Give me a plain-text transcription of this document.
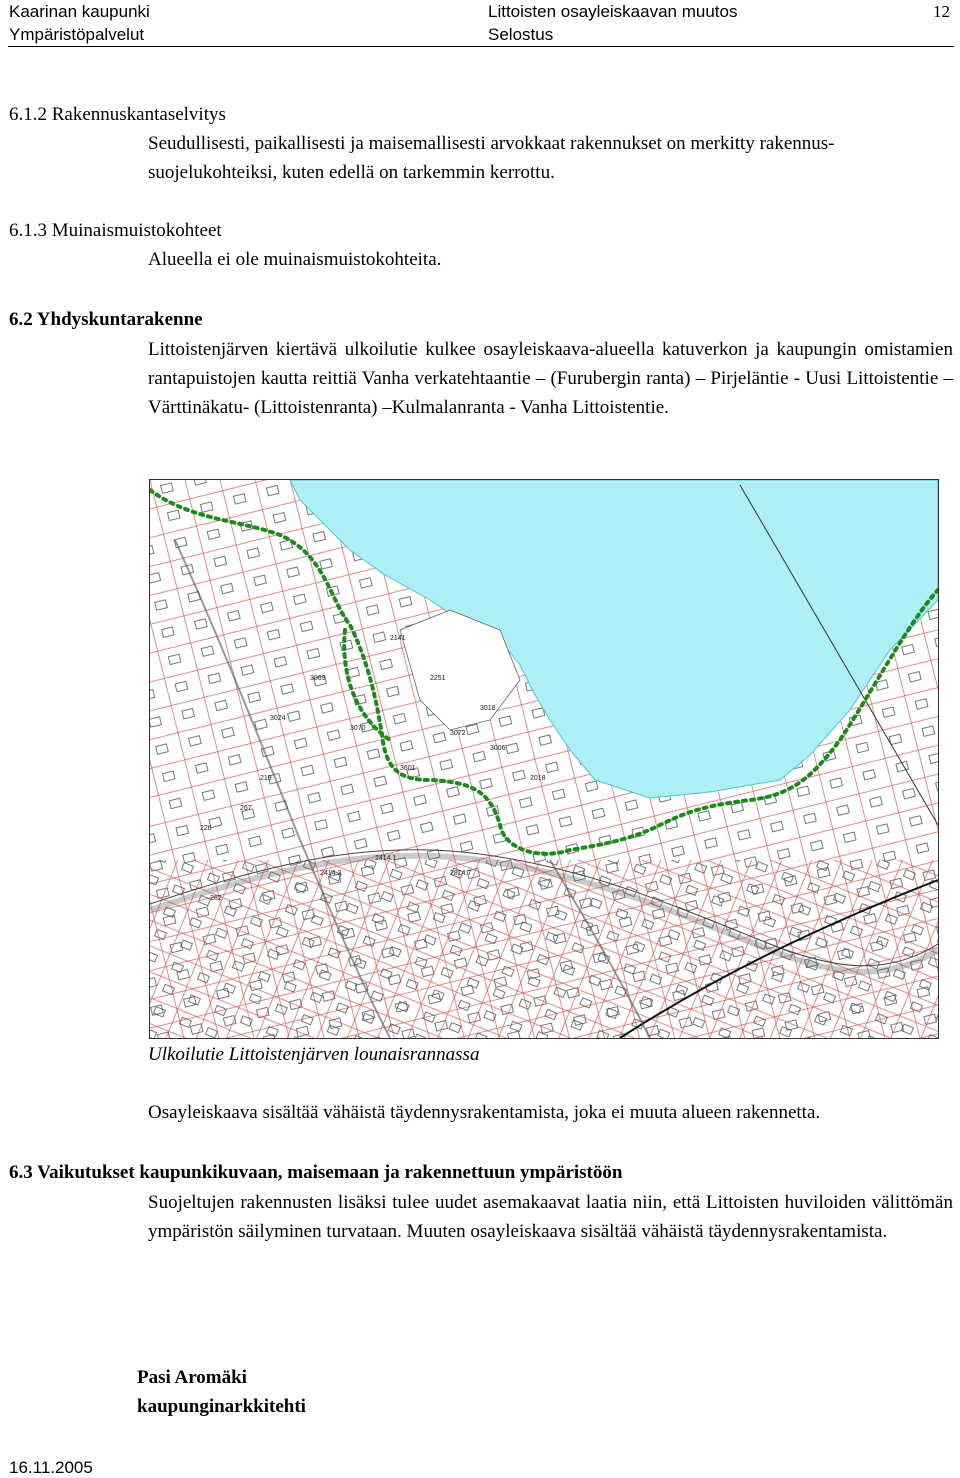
Kaarinan kaupunki
Ympäristöpalvelut
Littoisten osayleiskaavan muutos
Selostus
12
6.1.2 Rakennuskantaselvitys
Seudullisesti, paikallisesti ja maisemallisesti arvokkaat rakennukset on merkitty rakennus-
suojelukohteiksi, kuten edellä on tarkemmin kerrottu.
6.1.3 Muinaismuistokohteet
Alueella ei ole muinaismuistokohteita.
6.2 Yhdyskuntarakenne
Littoistenjärven kiertävä ulkoilutie kulkee osayleiskaava-alueella katuverkon ja kaupungin omistamien rantapuistojen kautta reittiä Vanha verkatehtaantie – (Furubergin ranta) – Pirjeläntie - Uusi Littoistentie – Värttinäkatu- (Littoistenranta) –Kulmalanranta - Vanha Littoistentie.
2141
2251
3072
3018
267
2414.3
2414.1
219
282
3006
3601
3070
3024
2018
3069
226
2814.7
Ulkoilutie Littoistenjärven lounaisrannassa
Osayleiskaava sisältää vähäistä täydennysrakentamista, joka ei muuta alueen rakennetta.
6.3 Vaikutukset kaupunkikuvaan, maisemaan ja rakennettuun ympäristöön
Suojeltujen rakennusten lisäksi tulee uudet asemakaavat laatia niin, että Littoisten huviloiden välittömän ympäristön säilyminen turvataan. Muuten osayleiskaava sisältää vähäistä täydennysrakentamista.
Pasi Aromäki
kaupunginarkkitehti
16.11.2005
